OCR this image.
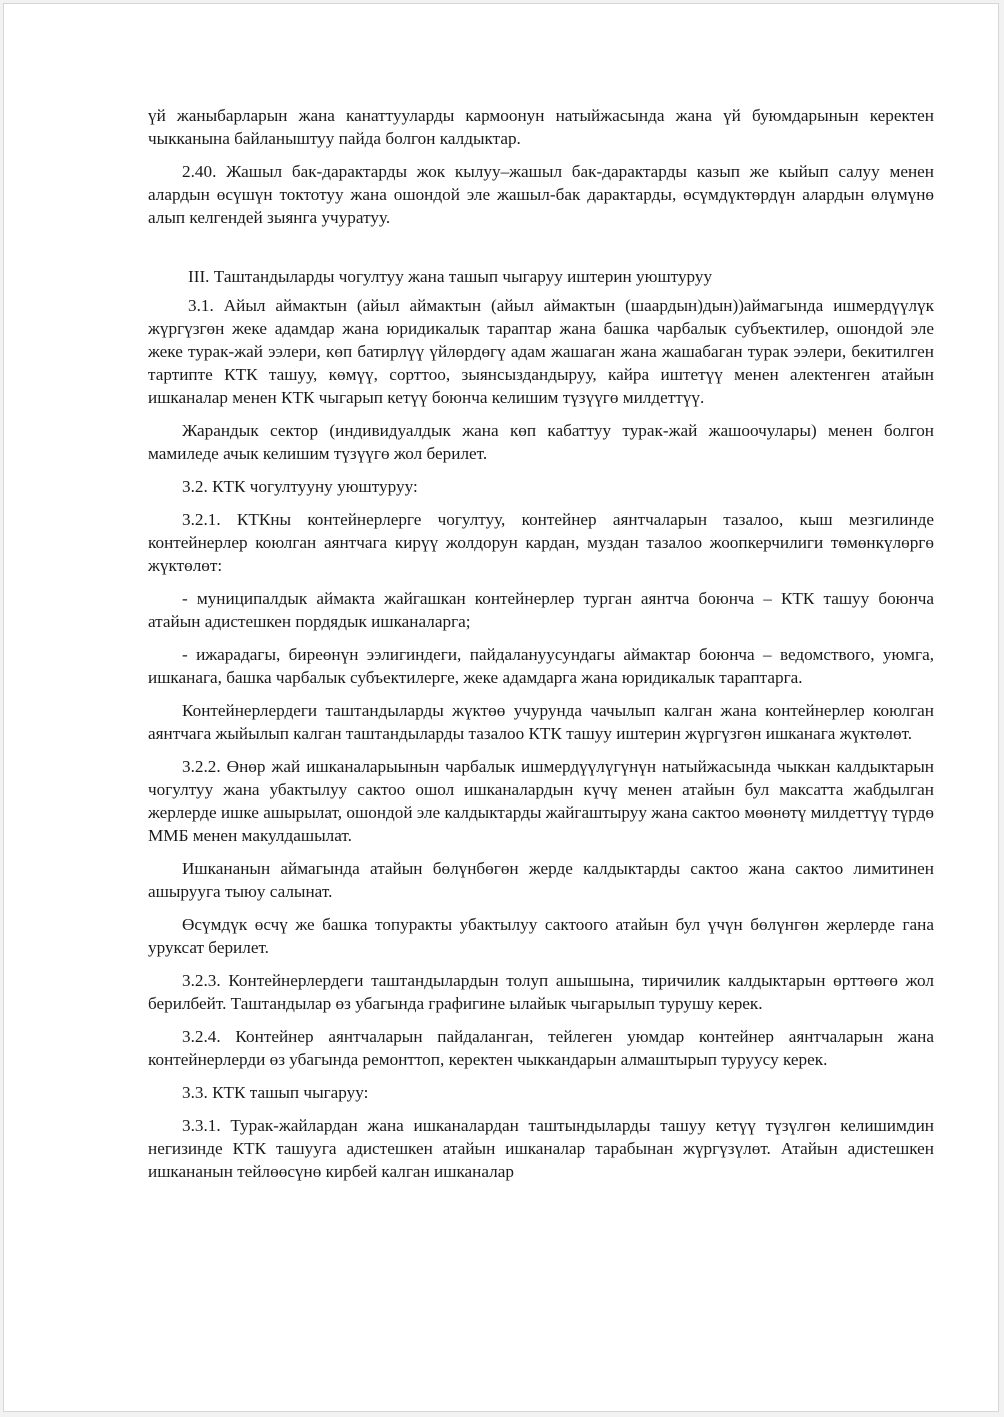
үй жаныбарларын жана канаттууларды кармоонун натыйжасында жана үй буюмдарынын керектен чыкканына байланыштуу пайда болгон калдыктар.

2.40. Жашыл бак-дарактарды жок кылуу–жашыл бак-дарактарды казып же кыйып салуу менен алардын өсүшүн токтотуу жана ошондой эле жашыл-бак дарактарды, өсүмдүктөрдүн алардын өлүмүнө алып келгендей зыянга учуратуу.

III. Таштандыларды чогултуу жана ташып чыгаруу иштерин уюштуруу

3.1. Айыл аймактын (айыл аймактын (айыл аймактын (шаардын)дын))аймагында ишмердүүлүк жүргүзгөн жеке адамдар жана юридикалык тараптар жана башка чарбалык субъектилер, ошондой эле жеке турак-жай ээлери, көп батирлүү үйлөрдөгү адам жашаган жана жашабаган турак ээлери, бекитилген тартипте КТК ташуу, көмүү, сорттоо, зыянсыздандыруу, кайра иштетүү менен алектенген атайын ишканалар менен КТК чыгарып кетүү боюнча келишим түзүүгө милдеттүү.

Жарандык сектор (индивидуалдык жана көп кабаттуу турак-жай жашоочулары) менен болгон мамиледе ачык келишим түзүүгө жол берилет.

3.2. КТК чогултууну уюштуруу:

3.2.1. КТКны контейнерлерге чогултуу, контейнер аянтчаларын тазалоо, кыш мезгилинде контейнерлер коюлган аянтчага кирүү жолдорун кардан, муздан тазалоо жоопкерчилиги төмөнкүлөргө жүктөлөт:

- муниципалдык аймакта жайгашкан контейнерлер турган аянтча боюнча – КТК ташуу боюнча атайын адистешкен пордядык ишканаларга;

- ижарадагы, биреөнүн ээлигиндеги, пайдалануусундагы аймактар боюнча – ведомствого, уюмга, ишканага, башка чарбалык субъектилерге, жеке адамдарга жана юридикалык тараптарга.

Контейнерлердеги таштандыларды жүктөө учурунда чачылып калган жана контейнерлер коюлган аянтчага жыйылып калган таштандыларды тазалоо КТК ташуу иштерин жүргүзгөн ишканага жүктөлөт.

3.2.2. Өнөр жай ишканаларыынын чарбалык ишмердүүлүгүнүн натыйжасында чыккан калдыктарын чогултуу жана убактылуу сактоо ошол ишканалардын күчү менен атайын бул максатта жабдылган жерлерде ишке ашырылат, ошондой эле калдыктарды жайгаштыруу жана сактоо мөөнөтү милдеттүү түрдө ММБ менен макулдашылат.

Ишкананын аймагында атайын бөлүнбөгөн жерде калдыктарды сактоо жана сактоо лимитинен ашырууга тыюу салынат.

Өсүмдүк өсчү же башка топуракты убактылуу сактоого атайын бул үчүн бөлүнгөн жерлерде гана уруксат берилет.

3.2.3. Контейнерлердеги таштандылардын толуп ашышына, тиричилик калдыктарын өрттөөгө жол берилбейт. Таштандылар өз убагында графигине ылайык чыгарылып турушу керек.

3.2.4. Контейнер аянтчаларын пайдаланган, тейлеген уюмдар контейнер аянтчаларын жана контейнерлерди өз убагында ремонттоп, керектен чыккандарын алмаштырып туруусу керек.

3.3. КТК ташып чыгаруу:

3.3.1. Турак-жайлардан жана ишканалардан таштындыларды ташуу кетүү түзүлгөн келишимдин негизинде КТК ташууга адистешкен атайын ишканалар тарабынан жүргүзүлөт. Атайын адистешкен ишкананын тейлөөсүнө кирбей калган ишканалар
